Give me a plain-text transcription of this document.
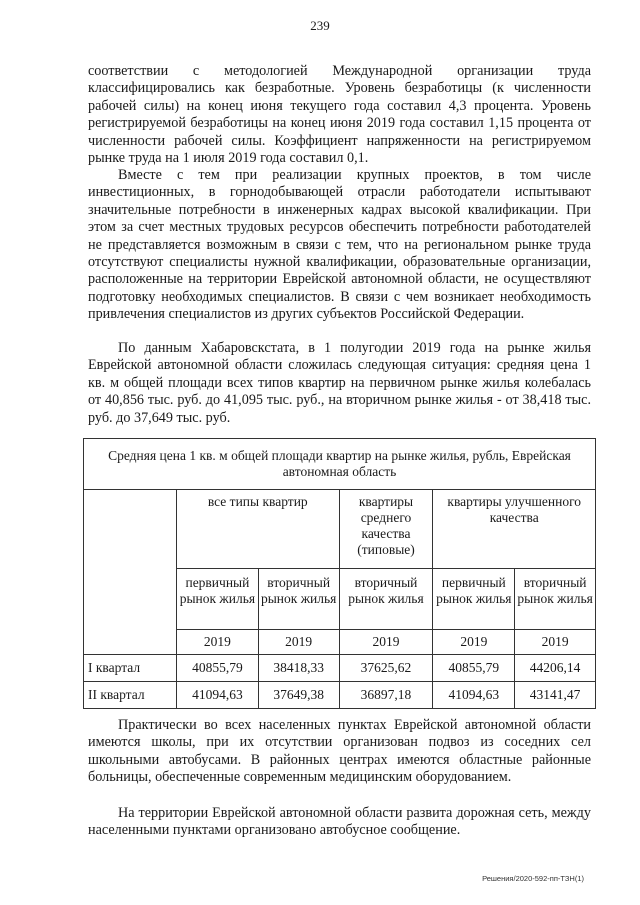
239

соответствии с методологией Международной организации труда классифицировались как безработные. Уровень безработицы (к численности рабочей силы) на конец июня текущего года составил 4,3 процента. Уровень регистрируемой безработицы на конец июня 2019 года составил 1,15 процента от численности рабочей силы. Коэффициент напряженности на регистрируемом рынке труда на 1 июля 2019 года составил 0,1.

Вместе с тем при реализации крупных проектов, в том числе инвестиционных, в горнодобывающей отрасли работодатели испытывают значительные потребности в инженерных кадрах высокой квалификации. При этом за счет местных трудовых ресурсов обеспечить потребности работодателей не представляется возможным в связи с тем, что на региональном рынке труда отсутствуют специалисты нужной квалификации, образовательные организации, расположенные на территории Еврейской автономной области, не осуществляют подготовку необходимых специалистов. В связи с чем возникает необходимость привлечения специалистов из других субъектов Российской Федерации.

По данным Хабаровскстата, в 1 полугодии 2019 года на рынке жилья Еврейской автономной области сложилась следующая ситуация: средняя цена 1 кв. м общей площади всех типов квартир на первичном рынке жилья колебалась от 40,856 тыс. руб. до 41,095 тыс. руб., на вторичном рынке жилья - от 38,418 тыс. руб. до 37,649 тыс. руб.

Средняя цена 1 кв. м общей площади квартир на рынке жилья, рубль, Еврейская автономная область					
	все типы квартир		квартиры среднего качества (типовые)	квартиры улучшенного качества	
	первичный рынок жилья	вторичный рынок жилья	вторичный рынок жилья	первичный рынок жилья	вторичный рынок жилья
	2019	2019	2019	2019	2019
I квартал	40855,79	38418,33	37625,62	40855,79	44206,14
II квартал	41094,63	37649,38	36897,18	41094,63	43141,47

Практически во всех населенных пунктах Еврейской автономной области имеются школы, при их отсутствии организован подвоз из соседних сел школьными автобусами. В районных центрах имеются областные районные больницы, обеспеченные современным медицинским оборудованием.

На территории Еврейской автономной области развита дорожная сеть, между населенными пунктами организовано автобусное сообщение.

Решения/2020-592-пп-ТЗН(1)
